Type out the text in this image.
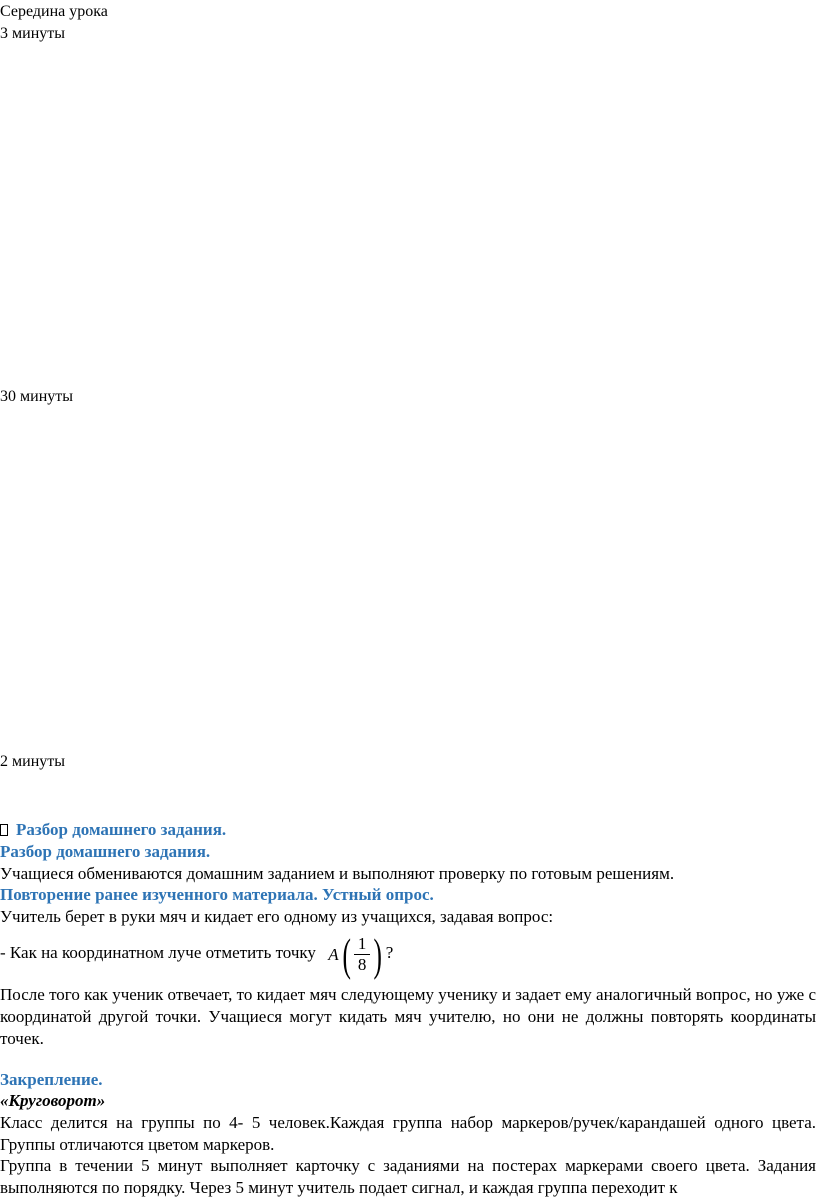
Середина урока
3 минуты
30 минуты
2 минуты
Разбор домашнего задания.
Разбор домашнего задания.
Учащиеся обмениваются домашним заданием и выполняют проверку по готовым решениям.
Повторение ранее изученного материала. Устный опрос.
Учитель берет в руки мяч и кидает его одному из учащихся, задавая вопрос:
- Как на координатном луче отметить точку $A( \frac{1}{8}$ ) ?
После того как ученик отвечает, то кидает мяч следующему ученику и задает ему аналогичный вопрос, но уже с координатой другой точки. Учащиеся могут кидать мяч учителю, но они не должны повторять координаты точек.
Закрепление.
«Круговорот»
Класс делится на группы по 4- 5 человек.Каждая группа набор маркеров/ручек/карандашей одного цвета. Группы отличаются цветом маркеров.
Группа в течении 5 минут выполняет карточку с заданиями на постерах маркерами своего цвета. Задания выполняются по порядку. Через 5 минут учитель подает сигнал, и каждая группа переходит к
